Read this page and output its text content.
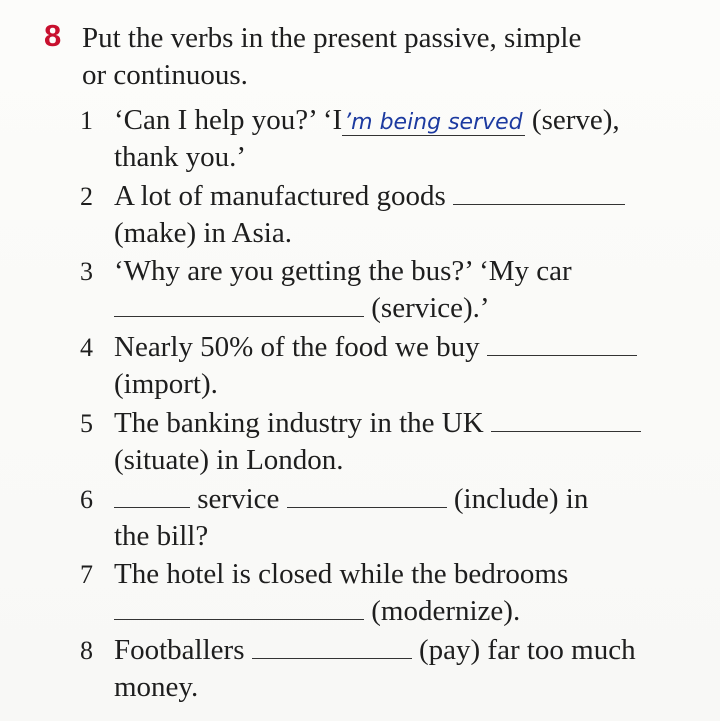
8 Put the verbs in the present passive, simple
or continuous.
1 ‘Can I help you?’ ‘I’m being served (serve),
thank you.’
2 A lot of manufactured goods
(make) in Asia.
3 ‘Why are you getting the bus?’ ‘My car
(service).’
4 Nearly 50% of the food we buy
(import).
5 The banking industry in the UK
(situate) in London.
6	service	(include) in
the bill?
7 The hotel is closed while the bedrooms
(modernize).
8 Footballers	(pay) far too much
money.
